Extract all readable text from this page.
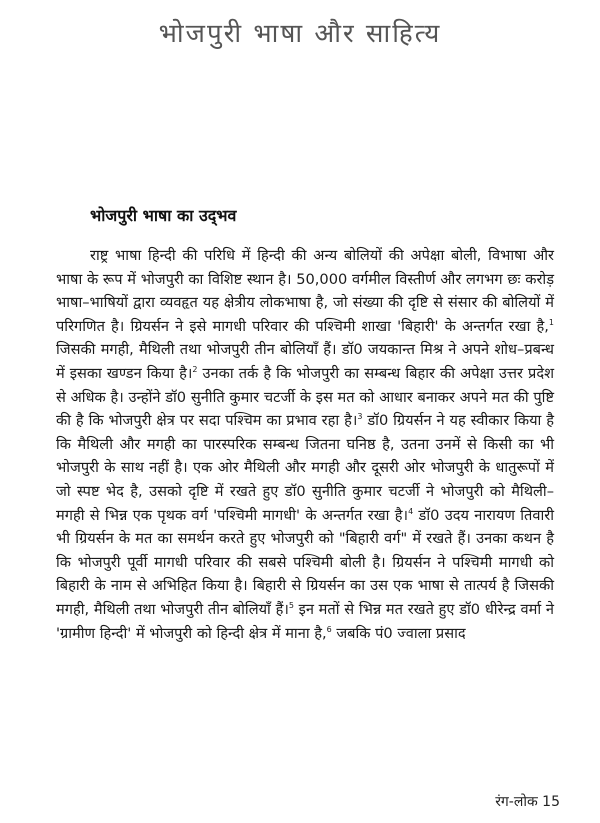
भोजपुरी भाषा और साहित्य
भोजपुरी भाषा का उद्‌भव

राष्ट्र भाषा हिन्दी की परिधि में हिन्दी की अन्य बोलियों की अपेक्षा बोली, विभाषा और भाषा के रूप में भोजपुरी का विशिष्ट स्थान है। 50,000 वर्गमील विस्तीर्ण और लगभग छः करोड़ भाषा–भाषियों द्वारा व्यवहृत यह क्षेत्रीय लोकभाषा है, जो संख्या की दृष्टि से संसार की बोलियों में परिगणित है। ग्रियर्सन ने इसे मागधी परिवार की पश्चिमी शाखा 'बिहारी' के अन्तर्गत रखा है,$^1$ जिसकी मगही, मैथिली तथा भोजपुरी तीन बोलियाँ हैं। डॉ0 जयकान्त मिश्र ने अपने शोध–प्रबन्ध में इसका खण्डन किया है।$^2$ उनका तर्क है कि भोजपुरी का सम्बन्ध बिहार की अपेक्षा उत्तर प्रदेश से अधिक है। उन्होंने डॉ0 सुनीति कुमार चटर्जी के इस मत को आधार बनाकर अपने मत की पुष्टि की है कि भोजपुरी क्षेत्र पर सदा पश्चिम का प्रभाव रहा है।$^3$ डॉ0 ग्रियर्सन ने यह स्वीकार किया है कि मैथिली और मगही का पारस्परिक सम्बन्ध जितना घनिष्ठ है, उतना उनमें से किसी का भी भोजपुरी के साथ नहीं है। एक ओर मैथिली और मगही और दूसरी ओर भोजपुरी के धातुरूपों में जो स्पष्ट भेद है, उसको दृष्टि में रखते हुए डॉ0 सुनीति कुमार चटर्जी ने भोजपुरी को मैथिली–मगही से भिन्न एक पृथक वर्ग 'पश्चिमी मागधी' के अन्तर्गत रखा है।$^4$ डॉ0 उदय नारायण तिवारी भी ग्रियर्सन के मत का समर्थन करते हुए भोजपुरी को "बिहारी वर्ग" में रखते हैं। उनका कथन है कि भोजपुरी पूर्वी मागधी परिवार की सबसे पश्चिमी बोली है। ग्रियर्सन ने पश्चिमी मागधी को बिहारी के नाम से अभिहित किया है। बिहारी से ग्रियर्सन का उस एक भाषा से तात्पर्य है जिसकी मगही, मैथिली तथा भोजपुरी तीन बोलियाँ हैं।$^5$ इन मतों से भिन्न मत रखते हुए डॉ0 धीरेन्द्र वर्मा ने 'ग्रामीण हिन्दी' में भोजपुरी को हिन्दी क्षेत्र में माना है,$^6$ जबकि पं0 ज्वाला प्रसाद

रंग-लोक 15
